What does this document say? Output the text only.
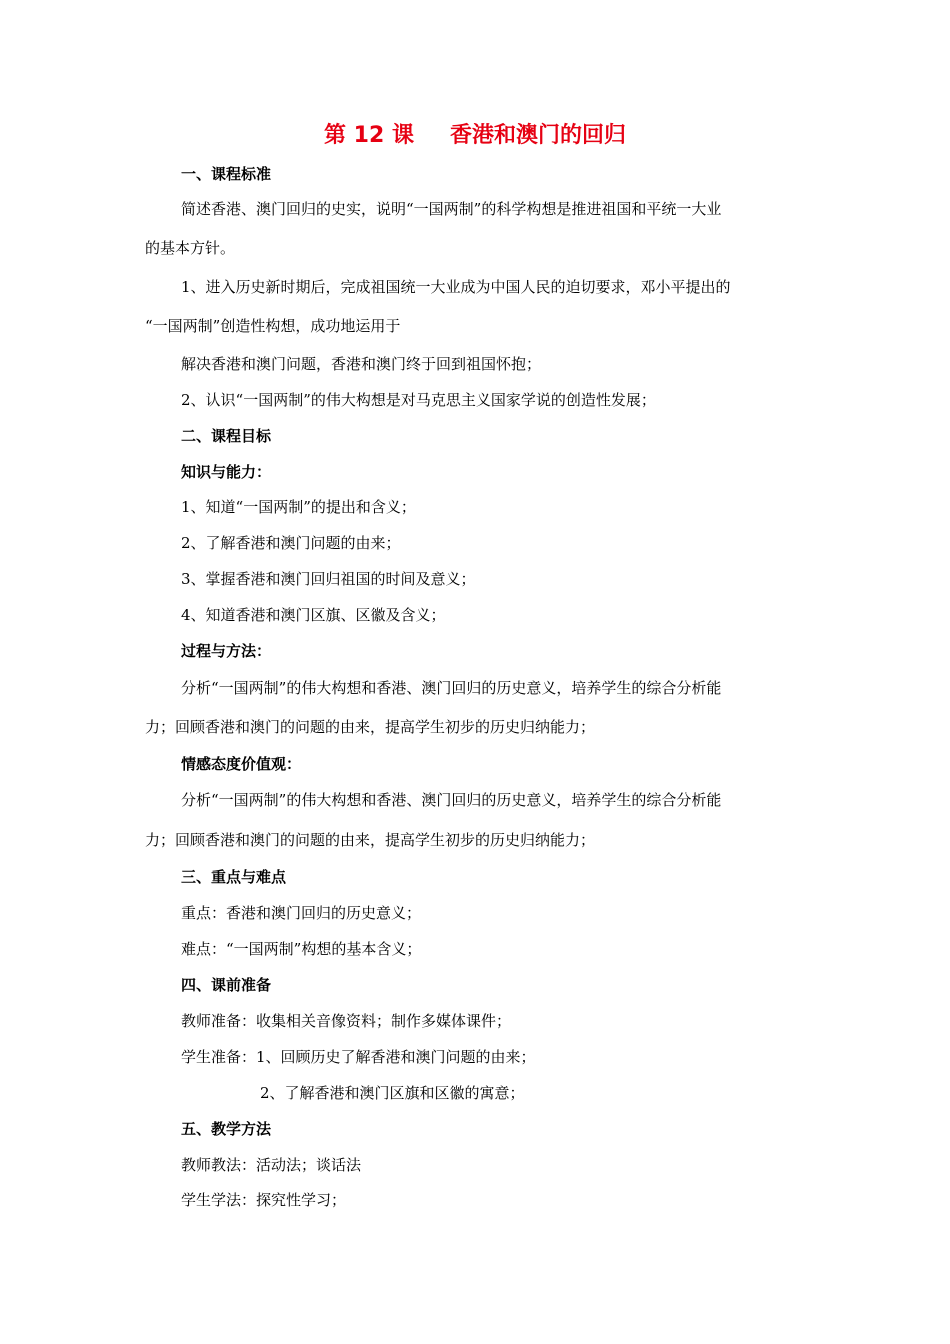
第 12 课 香港和澳门的回归
一、课程标准
简述香港、澳门回归的史实，说明“一国两制”的科学构想是推进祖国和平统一大业
的基本方针。
1、进入历史新时期后，完成祖国统一大业成为中国人民的迫切要求，邓小平提出的
“一国两制”创造性构想，成功地运用于
解决香港和澳门问题，香港和澳门终于回到祖国怀抱；
2、认识“一国两制”的伟大构想是对马克思主义国家学说的创造性发展；
二、课程目标
知识与能力：
1、知道“一国两制”的提出和含义；
2、了解香港和澳门问题的由来；
3、掌握香港和澳门回归祖国的时间及意义；
4、知道香港和澳门区旗、区徽及含义；
过程与方法：
分析“一国两制”的伟大构想和香港、澳门回归的历史意义，培养学生的综合分析能
力；回顾香港和澳门的问题的由来，提高学生初步的历史归纳能力；
情感态度价值观：
分析“一国两制”的伟大构想和香港、澳门回归的历史意义，培养学生的综合分析能
力；回顾香港和澳门的问题的由来，提高学生初步的历史归纳能力；
三、重点与难点
重点：香港和澳门回归的历史意义；
难点：“一国两制”构想的基本含义；
四、课前准备
教师准备：收集相关音像资料；制作多媒体课件；
学生准备：1、回顾历史了解香港和澳门问题的由来；
2、了解香港和澳门区旗和区徽的寓意；
五、教学方法
教师教法：活动法；谈话法
学生学法：探究性学习；
